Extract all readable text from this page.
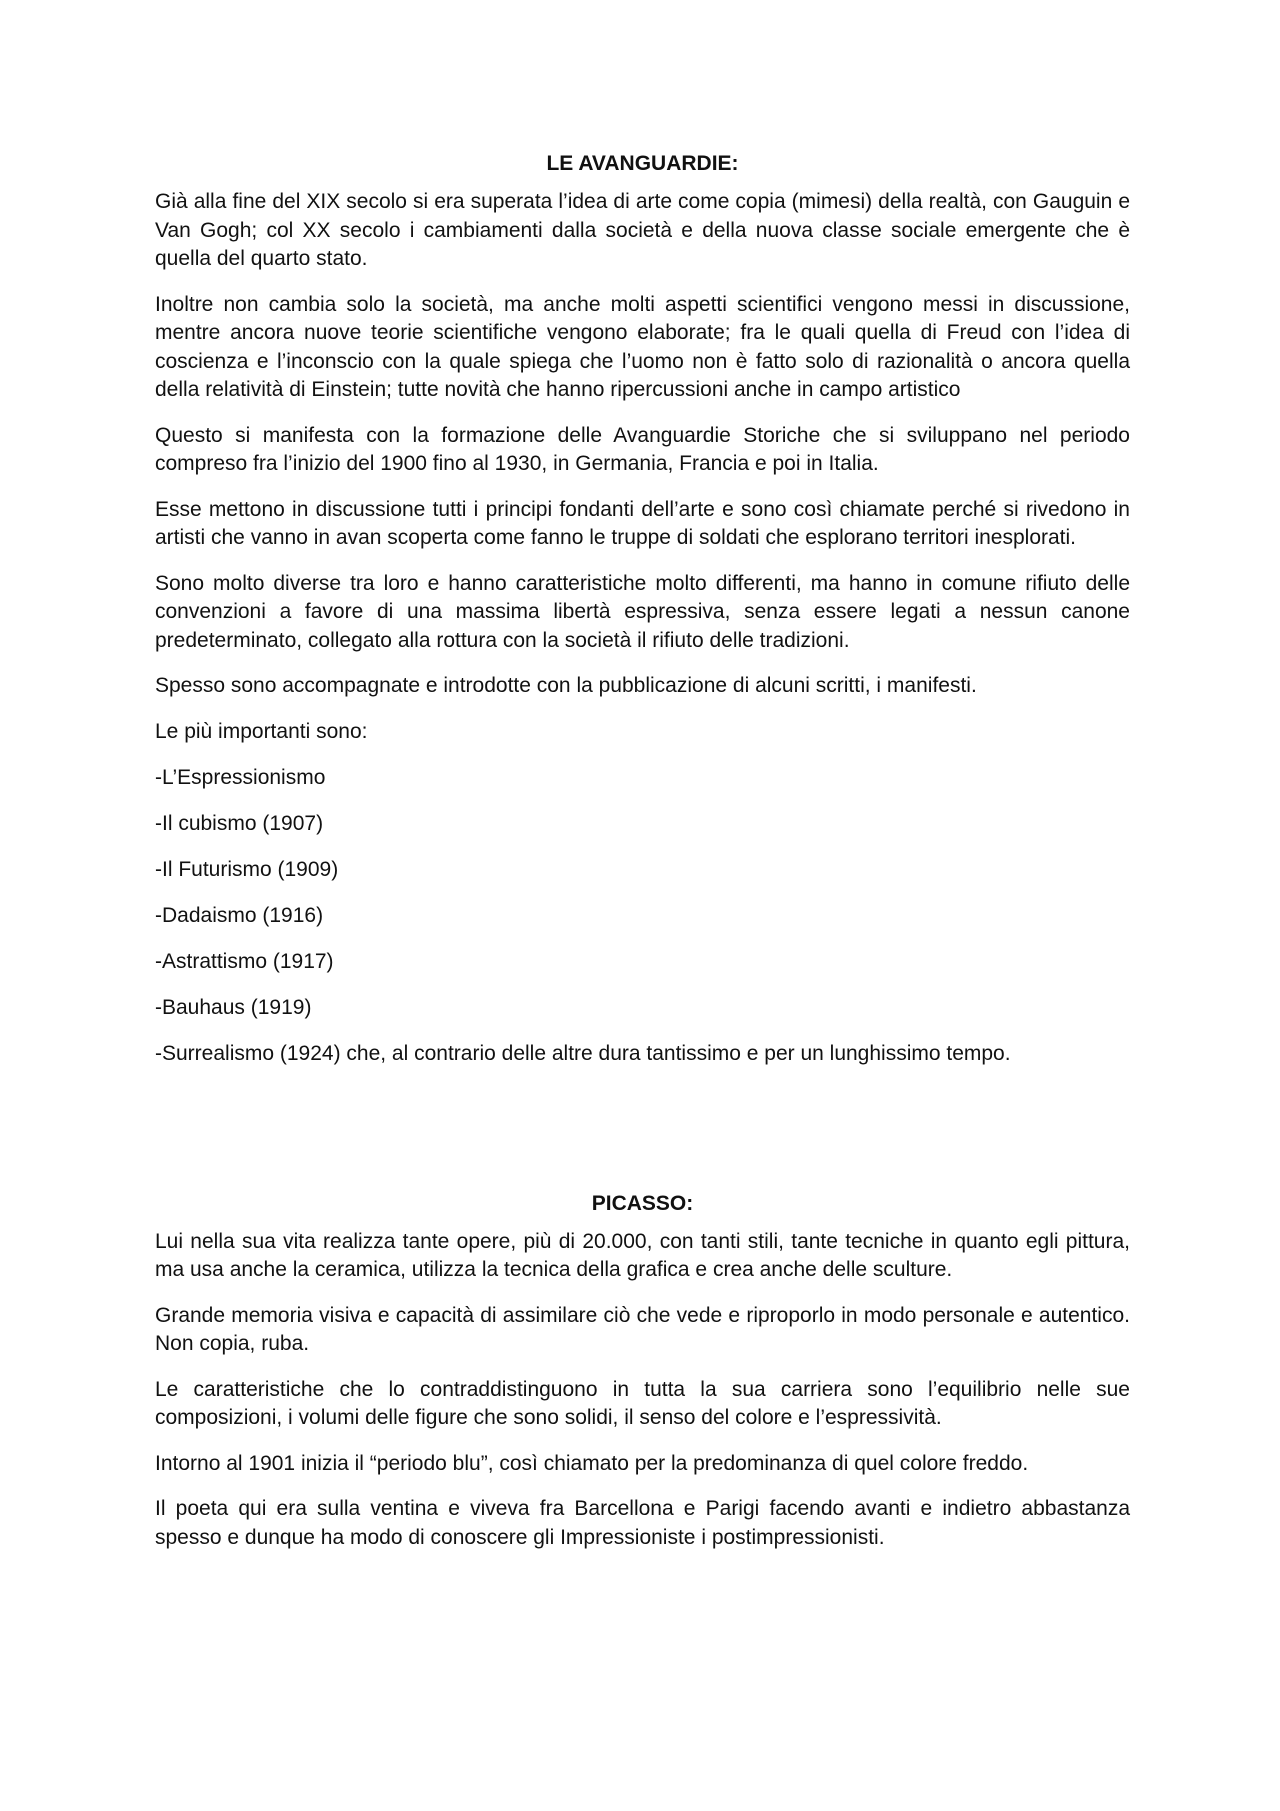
LE AVANGUARDIE:

Già alla fine del XIX secolo si era superata l’idea di arte come copia (mimesi) della realtà, con Gauguin e Van Gogh; col XX secolo i cambiamenti dalla società e della nuova classe sociale emergente che è quella del quarto stato.

Inoltre non cambia solo la società, ma anche molti aspetti scientifici vengono messi in discussione, mentre ancora nuove teorie scientifiche vengono elaborate; fra le quali quella di Freud con l’idea di coscienza e l’inconscio con la quale spiega che l’uomo non è fatto solo di razionalità o ancora quella della relatività di Einstein; tutte novità che hanno ripercussioni anche in campo artistico

Questo si manifesta con la formazione delle Avanguardie Storiche che si sviluppano nel periodo compreso fra l’inizio del 1900 fino al 1930, in Germania, Francia e poi in Italia.

Esse mettono in discussione tutti i principi fondanti dell’arte e sono così chiamate perché si rivedono in artisti che vanno in avan scoperta come fanno le truppe di soldati che esplorano territori inesplorati.

Sono molto diverse tra loro e hanno caratteristiche molto differenti, ma hanno in comune rifiuto delle convenzioni a favore di una massima libertà espressiva, senza essere legati a nessun canone predeterminato, collegato alla rottura con la società il rifiuto delle tradizioni.

Spesso sono accompagnate e introdotte con la pubblicazione di alcuni scritti, i manifesti.

Le più importanti sono:
-L’Espressionismo
-Il cubismo (1907)
-Il Futurismo (1909)
-Dadaismo (1916)
-Astrattismo (1917)
-Bauhaus (1919)
-Surrealismo (1924) che, al contrario delle altre dura tantissimo e per un lunghissimo tempo.
PICASSO:

Lui nella sua vita realizza tante opere, più di 20.000, con tanti stili, tante tecniche in quanto egli pittura, ma usa anche la ceramica, utilizza la tecnica della grafica e crea anche delle sculture.

Grande memoria visiva e capacità di assimilare ciò che vede e riproporlo in modo personale e autentico. Non copia, ruba.

Le caratteristiche che lo contraddistinguono in tutta la sua carriera sono l’equilibrio nelle sue composizioni, i volumi delle figure che sono solidi, il senso del colore e l’espressività.

Intorno al 1901 inizia il “periodo blu”, così chiamato per la predominanza di quel colore freddo.

Il poeta qui era sulla ventina e viveva fra Barcellona e Parigi facendo avanti e indietro abbastanza spesso e dunque ha modo di conoscere gli Impressioniste i postimpressionisti.
